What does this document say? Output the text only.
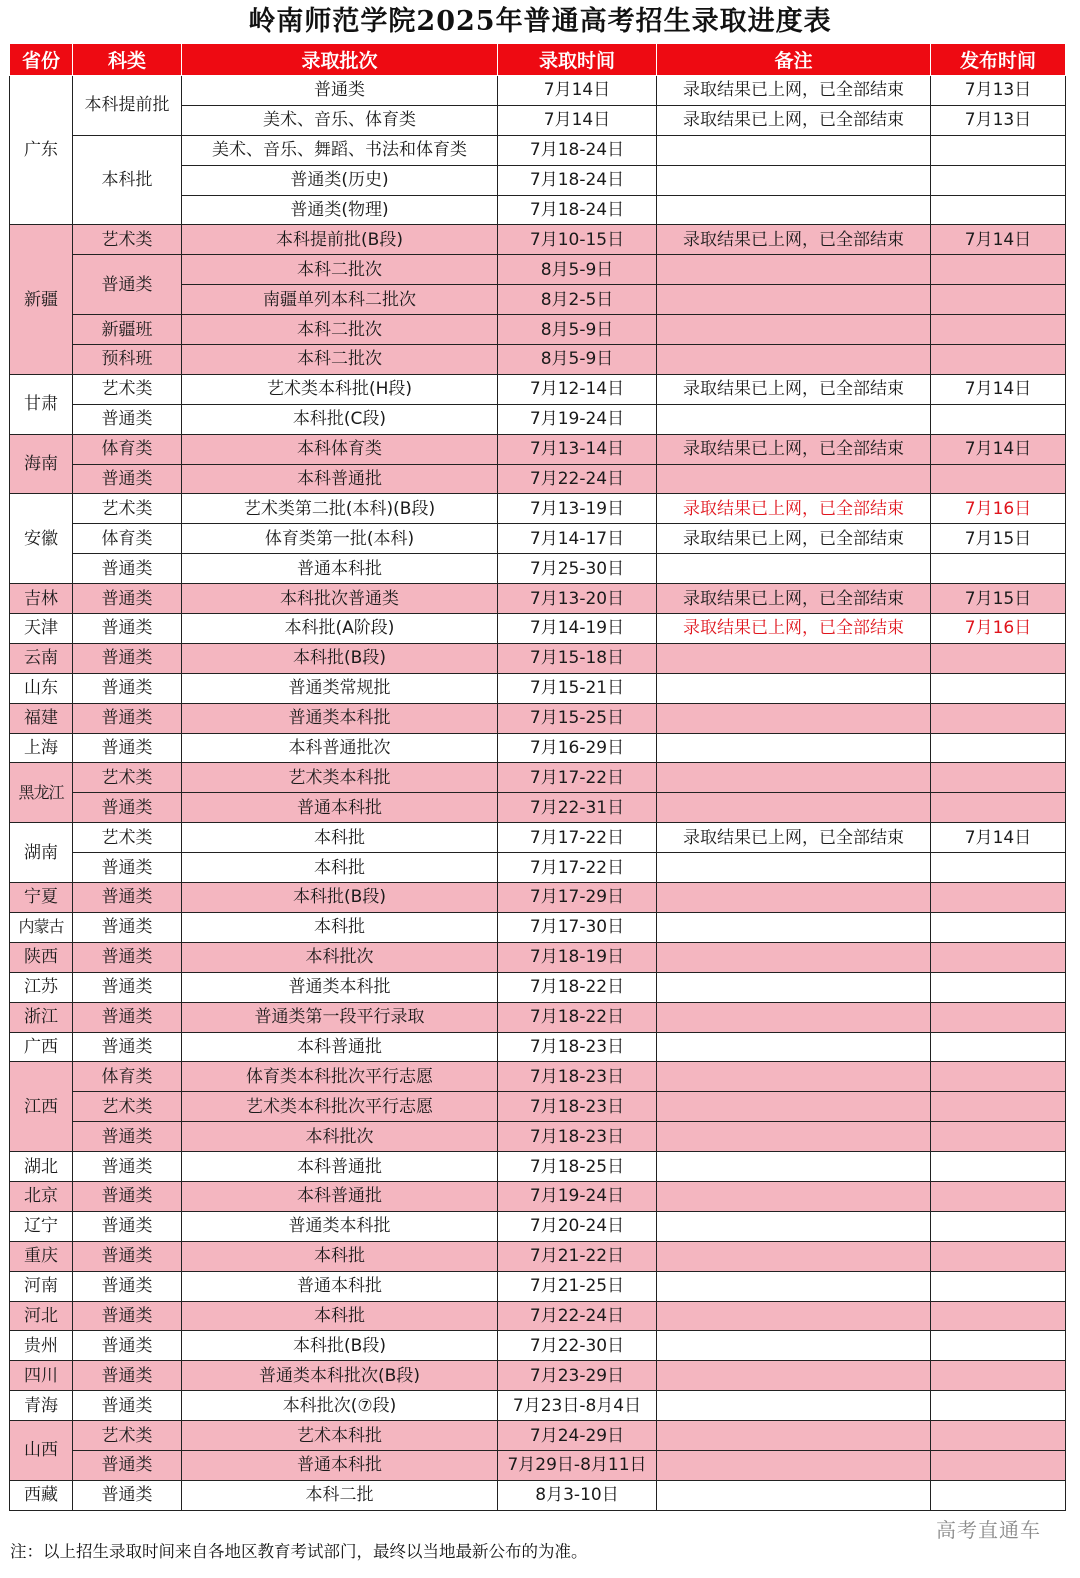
岭南师范学院2025年普通高考招生录取进度表
省份	科类	录取批次	录取时间	备注	发布时间
广东	本科提前批	普通类	7月14日	录取结果已上网，已全部结束	7月13日
		美术、音乐、体育类	7月14日	录取结果已上网，已全部结束	7月13日
	本科批	美术、音乐、舞蹈、书法和体育类	7月18-24日		
		普通类(历史)	7月18-24日		
		普通类(物理)	7月18-24日		
新疆	艺术类	本科提前批(B段)	7月10-15日	录取结果已上网，已全部结束	7月14日
	普通类	本科二批次	8月5-9日		
		南疆单列本科二批次	8月2-5日		
	新疆班	本科二批次	8月5-9日		
	预科班	本科二批次	8月5-9日		
甘肃	艺术类	艺术类本科批(H段)	7月12-14日	录取结果已上网，已全部结束	7月14日
	普通类	本科批(C段)	7月19-24日		
海南	体育类	本科体育类	7月13-14日	录取结果已上网，已全部结束	7月14日
	普通类	本科普通批	7月22-24日		
安徽	艺术类	艺术类第二批(本科)(B段)	7月13-19日	录取结果已上网，已全部结束	7月16日
	体育类	体育类第一批(本科)	7月14-17日	录取结果已上网，已全部结束	7月15日
	普通类	普通本科批	7月25-30日		
吉林	普通类	本科批次普通类	7月13-20日	录取结果已上网，已全部结束	7月15日
天津	普通类	本科批(A阶段)	7月14-19日	录取结果已上网，已全部结束	7月16日
云南	普通类	本科批(B段)	7月15-18日		
山东	普通类	普通类常规批	7月15-21日		
福建	普通类	普通类本科批	7月15-25日		
上海	普通类	本科普通批次	7月16-29日		
黑龙江	艺术类	艺术类本科批	7月17-22日		
	普通类	普通本科批	7月22-31日		
湖南	艺术类	本科批	7月17-22日	录取结果已上网，已全部结束	7月14日
	普通类	本科批	7月17-22日		
宁夏	普通类	本科批(B段)	7月17-29日		
内蒙古	普通类	本科批	7月17-30日		
陕西	普通类	本科批次	7月18-19日		
江苏	普通类	普通类本科批	7月18-22日		
浙江	普通类	普通类第一段平行录取	7月18-22日		
广西	普通类	本科普通批	7月18-23日		
江西	体育类	体育类本科批次平行志愿	7月18-23日		
	艺术类	艺术类本科批次平行志愿	7月18-23日		
	普通类	本科批次	7月18-23日		
湖北	普通类	本科普通批	7月18-25日		
北京	普通类	本科普通批	7月19-24日		
辽宁	普通类	普通类本科批	7月20-24日		
重庆	普通类	本科批	7月21-22日		
河南	普通类	普通本科批	7月21-25日		
河北	普通类	本科批	7月22-24日		
贵州	普通类	本科批(B段)	7月22-30日		
四川	普通类	普通类本科批次(B段)	7月23-29日		
青海	普通类	本科批次(⑦段)	7月23日-8月4日		
山西	艺术类	艺术本科批	7月24-29日		
	普通类	普通本科批	7月29日-8月11日		
西藏	普通类	本科二批	8月3-10日		
注：以上招生录取时间来自各地区教育考试部门，最终以当地最新公布的为准。
高考直通车
